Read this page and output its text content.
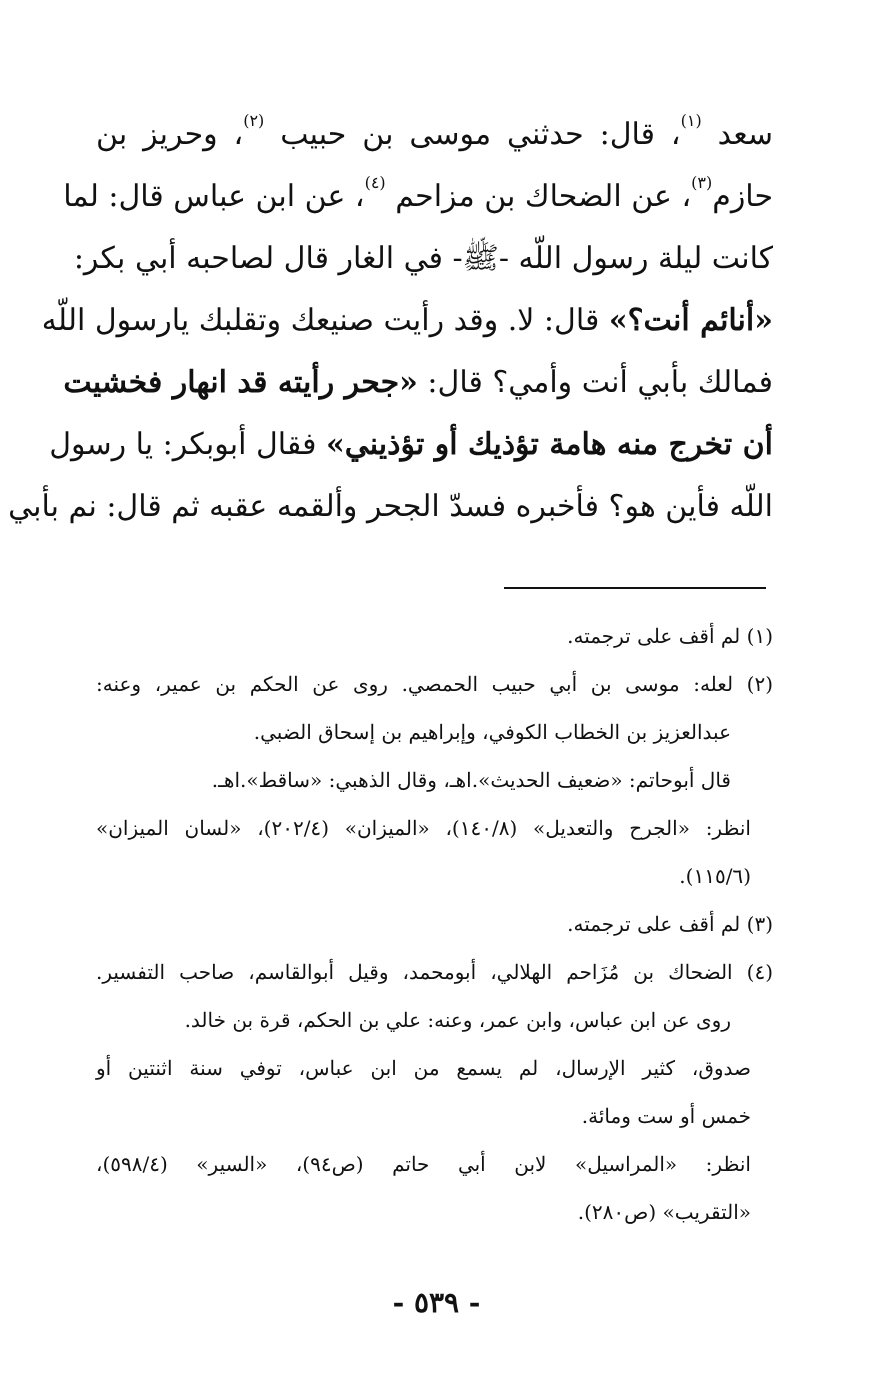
سعد $^{(١)}$، قال: حدثني موسى بن حبيب $^{(٢)}$، وحريز بن
حازم$^{(٣)}$، عن الضحاك بن مزاحم $^{(٤)}$، عن ابن عباس قال: لما
كانت ليلة رسول اللّه -ﷺ- في الغار قال لصاحبه أبي بكر:
«أنائم أنت؟» قال: لا. وقد رأيت صنيعك وتقلبك يارسول اللّه
فمالك بأبي أنت وأمي؟ قال: «جحر رأيته قد انهار فخشيت
أن تخرج منه هامة تؤذيك أو تؤذيني» فقال أبوبكر: يا رسول
اللّه فأين هو؟ فأخبره فسدّ الجحر وألقمه عقبه ثم قال: نم بأبي
(١) لم أقف على ترجمته.
(٢) لعله: موسى بن أبي حبيب الحمصي. روى عن الحكم بن عمير، وعنه:
عبدالعزيز بن الخطاب الكوفي، وإبراهيم بن إسحاق الضبي.
قال أبوحاتم: «ضعيف الحديث».اهـ، وقال الذهبي: «ساقط».اهـ.
انظر: «الجرح والتعديل» (١٤٠/٨)، «الميزان» (٢٠٢/٤)، «لسان الميزان»
(١١٥/٦).
(٣) لم أقف على ترجمته.
(٤) الضحاك بن مُزَاحم الهلالي، أبومحمد، وقيل أبوالقاسم، صاحب التفسير.
روى عن ابن عباس، وابن عمر، وعنه: علي بن الحكم، قرة بن خالد.
صدوق، كثير الإرسال، لم يسمع من ابن عباس، توفي سنة اثنتين أو
خمس أو ست ومائة.
انظر: «المراسيل» لابن أبي حاتم (ص٩٤)، «السير» (٥٩٨/٤)،
«التقريب» (ص٢٨٠).
- ٥٣٩ -
